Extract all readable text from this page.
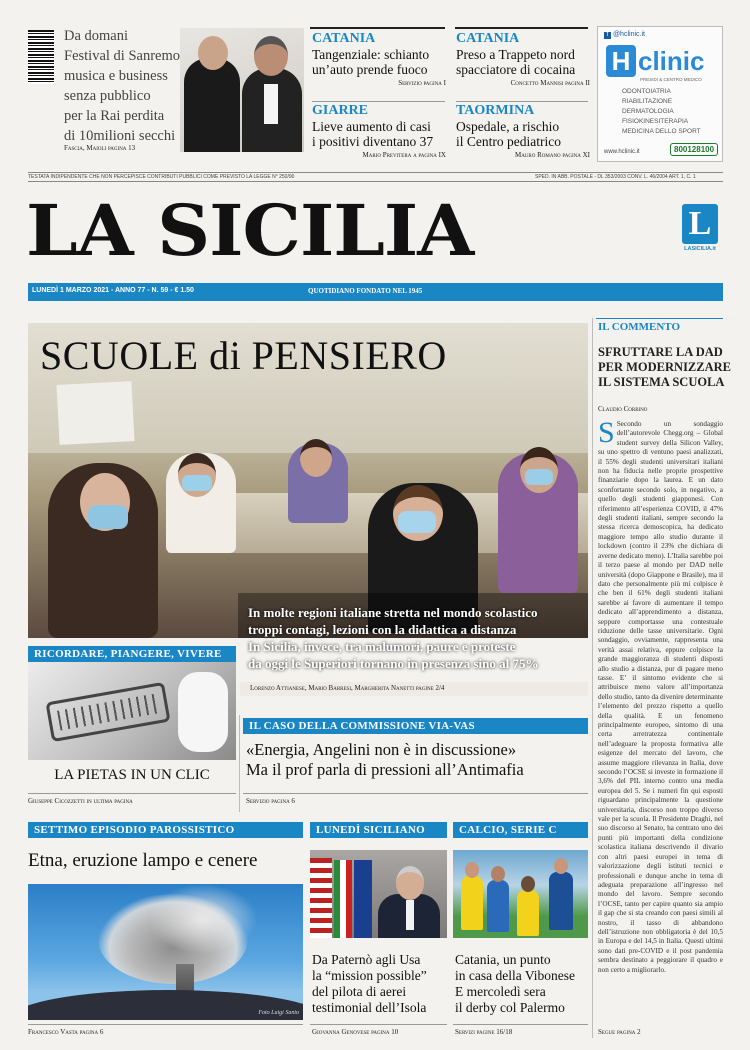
Da domani
Festival di Sanremo
musica e business
senza pubblico
per la Rai perdita
di 10milioni secchi
Fascia, Maioli pagina 13
CATANIA
Tangenziale: schianto
un’auto prende fuoco
Servizio pagina I
GIARRE
Lieve aumento di casi
i positivi diventano 37
Mario Previtera a pagina IX
CATANIA
Preso a Trappeto nord
spacciatore di cocaina
Concetto Mannisi pagina II
TAORMINA
Ospedale, a rischio
il Centro pediatrico
Mauro Romano pagina XI
f @hclinic.it
H clinic
PRESIDI & CENTRO MEDICO
ODONTOIATRIA
RIABILITAZIONE
DERMATOLOGIA
FISIOKINESITERAPIA
MEDICINA DELLO SPORT
www.hclinic.it	800128100
TESTATA INDIPENDENTE CHE NON PERCEPISCE CONTRIBUTI PUBBLICI COME PREVISTO LA LEGGE N° 250/90	SPED. IN ABB. POSTALE - DL 353/2003 CONV. L. 46/2004 ART. 1, C. 1
LA SICILIA	L
LASICILIA.it
LUNEDÌ 1 MARZO 2021 - ANNO 77 - N. 59 - € 1.50	QUOTIDIANO FONDATO NEL 1945
SCUOLE di PENSIERO
In molte regioni italiane stretta nel mondo scolastico
troppi contagi, lezioni con la didattica a distanza
In Sicilia, invece, tra malumori, paure e proteste
da oggi le Superiori tornano in presenza sino al 75%
Lorenzo Attianese, Mario Barresi, Margherita Nanetti pagine 2/4
IL COMMENTO
SFRUTTARE LA DAD
PER MODERNIZZARE
IL SISTEMA SCUOLA
Claudio Corbino
S Secondo un sondaggio dell’autorevole Chegg.org – Global student survey della Silicon Valley, su uno spettro di ventuno paesi analizzati, il 55% degli studenti universitari italiani non ha fiducia nelle proprie prospettive finanziarie dopo la laurea. E un dato sconfortante secondo solo, in negativo, a quello degli studenti giapponesi. Con riferimento all’esperienza COVID, il 47% degli studenti italiani, sempre secondo la stessa ricerca demoscopica, ha dedicato maggiore tempo allo studio durante il lockdown (contro il 23% che dichiara di averne dedicato meno). L’Italia sarebbe poi il terzo paese al mondo per DAD nelle università (dopo Giappone e Brasile), ma il dato che personalmente più mi colpisce è che ben il 61% degli studenti italiani sarebbe ai favore di aumentare il tempo dedicato all’apprendimento a distanza, seppure comportasse una contestuale riduzione delle tasse universitarie. Ogni sondaggio, ovviamente, rappresenta una verità assai relativa, eppure colpisce la grande maggioranza di studenti disposti allo studio a distanza, pur di pagare meno tasse. E’ il sintomo evidente che si attribuisce meno valore all’importanza dello studio, tanto da divenire determinante l’elemento del prezzo rispetto a quello della qualità. E un fenomeno principalmente europeo, sintomo di una certa arretratezza continentale nell’adeguare la proposta formativa alle esigenze del mercato del lavoro, che assume maggiore rilevanza in Italia, dove secondo l’OCSE si investe in formazione il 3,6% del PIL interno contro una media europea del 5. Se i numeri fin qui esposti riguardano principalmente la questione universitaria, discorso non troppo diverso vale per la scuola. Il Presidente Draghi, nel suo discorso al Senato, ha centrato uno dei punti più importanti della condizione scolastica italiana descrivendo il divario con altri paesi europei in tema di valorizzazione degli istituti tecnici e professionali e dunque anche in tema di adeguata preparazione all’ingresso nel mondo del lavoro. Sempre secondo l’OCSE, tanto per capire quanto sia ampio il gap che si sta creando con paesi simili al nostro, il tasso di abbandono dell’istruzione non obbligatoria è del 10,5 in Europa e del 14,5 in Italia. Questi ultimi sono dati pre-COVID e il post pandemia sembra destinato a peggiorare il quadro e non certo a migliorarlo.
Segue pagina 2
RICORDARE, PIANGERE, VIVERE
LA PIETAS IN UN CLIC
Giuseppe Cicozzetti in ultima pagina
IL CASO DELLA COMMISSIONE VIA-VAS
«Energia, Angelini non è in discussione»
Ma il prof parla di pressioni all’Antimafia
Servizio pagina 6
SETTIMO EPISODIO PAROSSISTICO
Etna, eruzione lampo e cenere
Foto Luigi Santo
Francesco Vasta pagina 6
LUNEDÌ SICILIANO
Da Paternò agli Usa
la “mission possible”
del pilota di aerei
testimonial dell’Isola
Giovanna Genovese pagina 10
CALCIO, SERIE C
Catania, un punto
in casa della Vibonese
E mercoledì sera
il derby col Palermo
Servizi pagine 16/18
